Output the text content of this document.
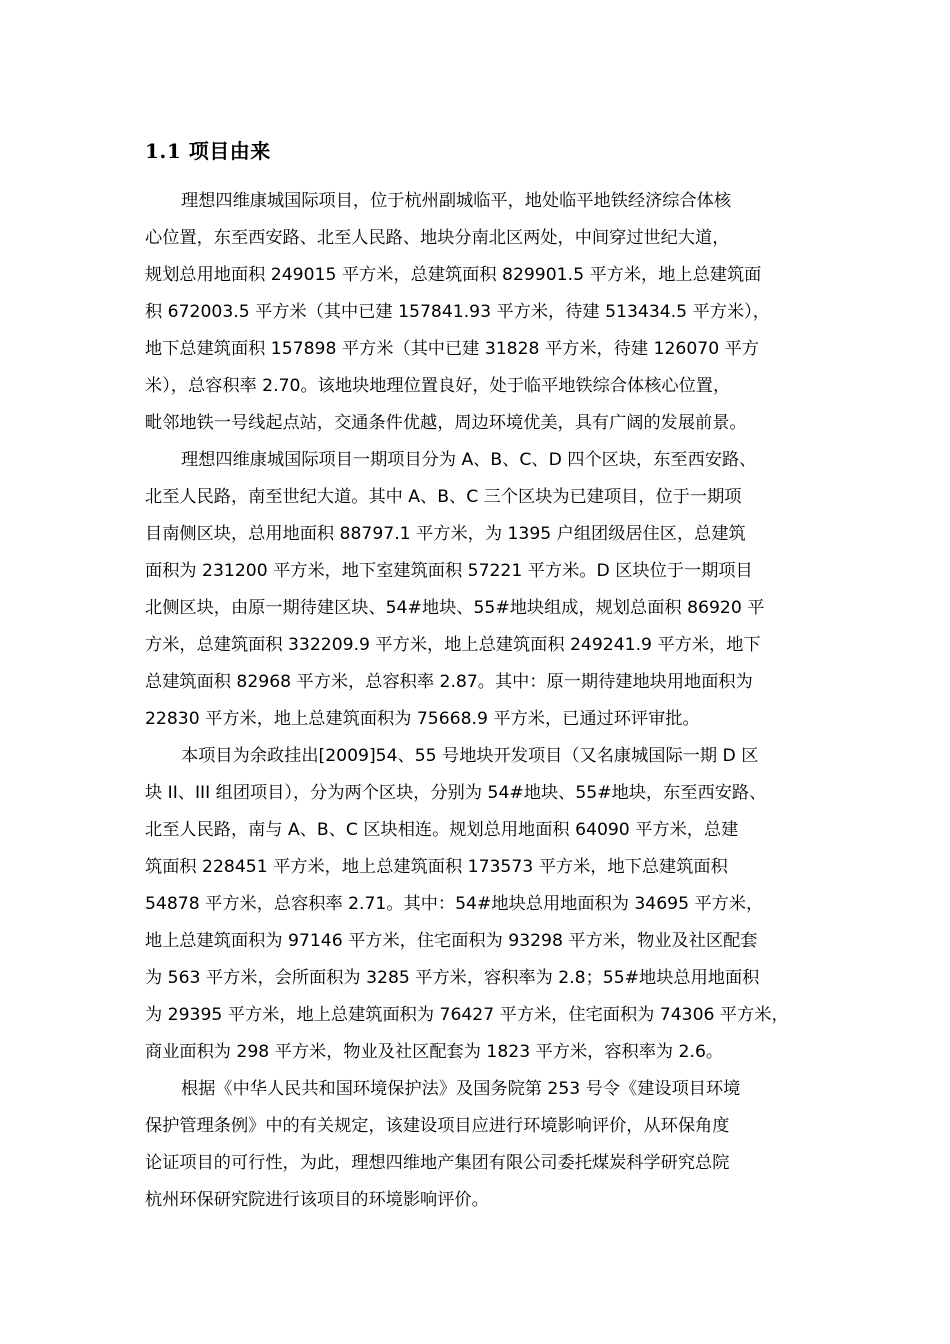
1.1 项目由来
理想四维康城国际项目，位于杭州副城临平，地处临平地铁经济综合体核
心位置，东至西安路、北至人民路、地块分南北区两处，中间穿过世纪大道，
规划总用地面积 249015 平方米，总建筑面积 829901.5 平方米，地上总建筑面
积 672003.5 平方米（其中已建 157841.93 平方米，待建 513434.5 平方米），
地下总建筑面积 157898 平方米（其中已建 31828 平方米，待建 126070 平方
米），总容积率 2.70。该地块地理位置良好，处于临平地铁综合体核心位置，
毗邻地铁一号线起点站，交通条件优越，周边环境优美，具有广阔的发展前景。
理想四维康城国际项目一期项目分为 A、B、C、D 四个区块，东至西安路、
北至人民路，南至世纪大道。其中 A、B、C 三个区块为已建项目，位于一期项
目南侧区块，总用地面积 88797.1 平方米，为 1395 户组团级居住区，总建筑
面积为 231200 平方米，地下室建筑面积 57221 平方米。D 区块位于一期项目
北侧区块，由原一期待建区块、54#地块、55#地块组成，规划总面积 86920 平
方米，总建筑面积 332209.9 平方米，地上总建筑面积 249241.9 平方米，地下
总建筑面积 82968 平方米，总容积率 2.87。其中：原一期待建地块用地面积为
22830 平方米，地上总建筑面积为 75668.9 平方米，已通过环评审批。
本项目为余政挂出[2009]54、55 号地块开发项目（又名康城国际一期 D 区
块 II、III 组团项目），分为两个区块，分别为 54#地块、55#地块，东至西安路、
北至人民路，南与 A、B、C 区块相连。规划总用地面积 64090 平方米，总建
筑面积 228451 平方米，地上总建筑面积 173573 平方米，地下总建筑面积
54878 平方米，总容积率 2.71。其中：54#地块总用地面积为 34695 平方米，
地上总建筑面积为 97146 平方米，住宅面积为 93298 平方米，物业及社区配套
为 563 平方米，会所面积为 3285 平方米，容积率为 2.8；55#地块总用地面积
为 29395 平方米，地上总建筑面积为 76427 平方米，住宅面积为 74306 平方米，
商业面积为 298 平方米，物业及社区配套为 1823 平方米，容积率为 2.6。
根据《中华人民共和国环境保护法》及国务院第 253 号令《建设项目环境
保护管理条例》中的有关规定，该建设项目应进行环境影响评价，从环保角度
论证项目的可行性，为此，理想四维地产集团有限公司委托煤炭科学研究总院
杭州环保研究院进行该项目的环境影响评价。
